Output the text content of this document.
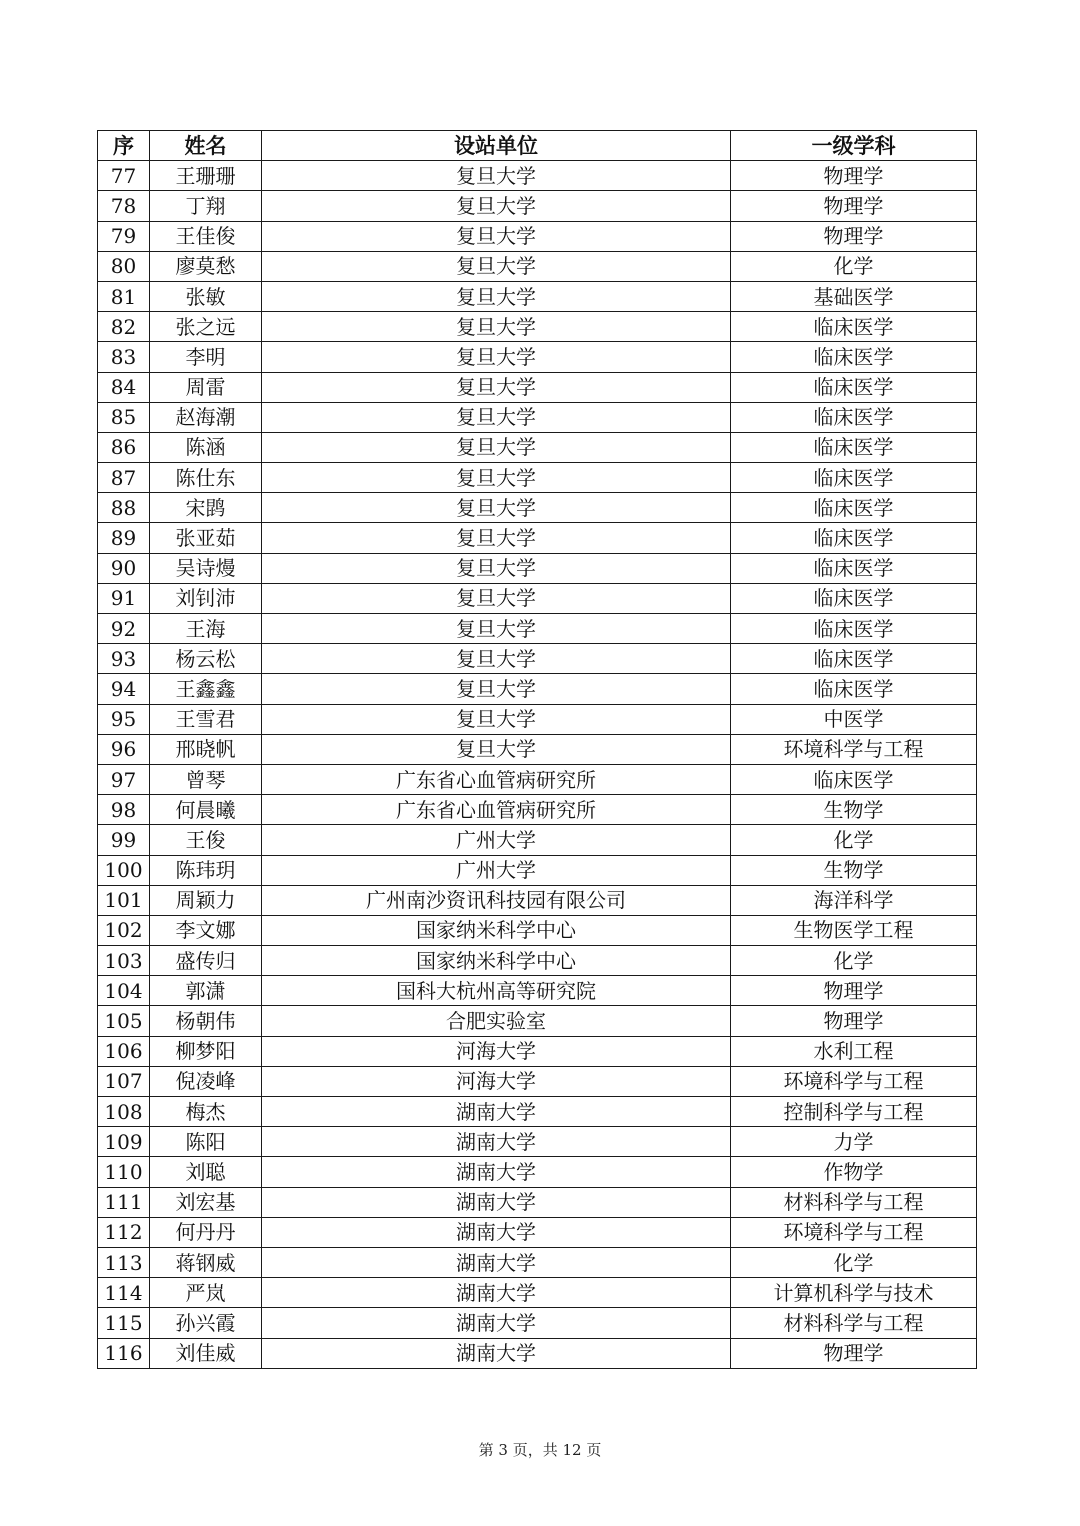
序	姓名	设站单位	一级学科
77	王珊珊	复旦大学	物理学
78	丁翔	复旦大学	物理学
79	王佳俊	复旦大学	物理学
80	廖莫愁	复旦大学	化学
81	张敏	复旦大学	基础医学
82	张之远	复旦大学	临床医学
83	李明	复旦大学	临床医学
84	周雷	复旦大学	临床医学
85	赵海潮	复旦大学	临床医学
86	陈涵	复旦大学	临床医学
87	陈仕东	复旦大学	临床医学
88	宋鹍	复旦大学	临床医学
89	张亚茹	复旦大学	临床医学
90	吴诗熳	复旦大学	临床医学
91	刘钊沛	复旦大学	临床医学
92	王海	复旦大学	临床医学
93	杨云松	复旦大学	临床医学
94	王鑫鑫	复旦大学	临床医学
95	王雪君	复旦大学	中医学
96	邢晓帆	复旦大学	环境科学与工程
97	曾琴	广东省心血管病研究所	临床医学
98	何晨曦	广东省心血管病研究所	生物学
99	王俊	广州大学	化学
100	陈玮玥	广州大学	生物学
101	周颖力	广州南沙资讯科技园有限公司	海洋科学
102	李文娜	国家纳米科学中心	生物医学工程
103	盛传归	国家纳米科学中心	化学
104	郭潇	国科大杭州高等研究院	物理学
105	杨朝伟	合肥实验室	物理学
106	柳梦阳	河海大学	水利工程
107	倪凌峰	河海大学	环境科学与工程
108	梅杰	湖南大学	控制科学与工程
109	陈阳	湖南大学	力学
110	刘聪	湖南大学	作物学
111	刘宏基	湖南大学	材料科学与工程
112	何丹丹	湖南大学	环境科学与工程
113	蒋钢威	湖南大学	化学
114	严岚	湖南大学	计算机科学与技术
115	孙兴霞	湖南大学	材料科学与工程
116	刘佳威	湖南大学	物理学
第 3 页，共 12 页
